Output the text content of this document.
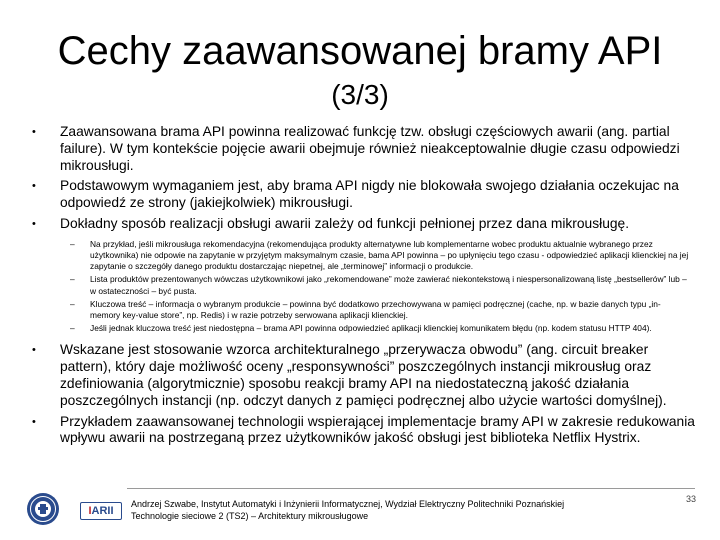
Cechy zaawansowanej bramy API
(3/3)
• Zaawansowana brama API powinna realizować funkcję tzw. obsługi częściowych awarii (ang. partial failure). W tym kontekście pojęcie awarii obejmuje również nieakceptowalnie długie czasu odpowiedzi mikrousługi.
• Podstawowym wymaganiem jest, aby brama API nigdy nie blokowała swojego działania oczekujac na odpowiedź ze strony (jakiejkolwiek) mikrousługi.
• Dokładny sposób realizacji obsługi awarii zależy od funkcji pełnionej przez dana mikrousługę.
– Na przykład, jeśli mikrousługa rekomendacyjna (rekomendująca produkty alternatywne lub komplementarne wobec produktu aktualnie wybranego przez użytkownika) nie odpowie na zapytanie w przyjętym maksymalnym czasie, bama API powinna – po upłynięciu tego czasu - odpowiedzieć aplikacji klienckiej na jej zapytanie o szczegóły danego produktu dostarczając niepetnej, ale „terminowej” informacji o produkcie.
– Lista produktów prezentowanych wówczas użytkownikowi jako „rekomendowane” może zawierać niekontekstową i niespersonalizowaną listę „bestsellerów” lub – w ostateczności – być pusta.
– Kluczowa treść – informacja o wybranym produkcie – powinna być dodatkowo przechowywana w pamięci podręcznej (cache, np. w bazie danych typu „in-memory key-value store”, np. Redis) i w razie potrzeby serwowana aplikacji klienckiej.
– Jeśli jednak kluczowa treść jest niedostępna – brama API powinna odpowiedzieć aplikacji klienckiej komunikatem błędu (np. kodem statusu HTTP 404).
• Wskazane jest stosowanie wzorca architekturalnego „przerywacza obwodu” (ang. circuit breaker pattern), który daje możliwość oceny „responsywności” poszczególnych instancji mikrousług oraz zdefiniowania (algorytmicznie) sposobu reakcji bramy API na niedostateczną jakość działania poszczególnych instancji (np. odczyt danych z pamięci podręcznej albo użycie wartości domyślnej).
• Przykładem zaawansowanej technologii wspierającej implementacje bramy API w zakresie redukowania wpływu awarii na postrzeganą przez użytkowników jakość obsługi jest biblioteka Netflix Hystrix.
I ARII
Andrzej Szwabe, Instytut Automatyki i Inżynierii Informatycznej, Wydział Elektryczny Politechniki Poznańskiej
Technologie sieciowe 2 (TS2) – Architektury mikrousługowe
33
